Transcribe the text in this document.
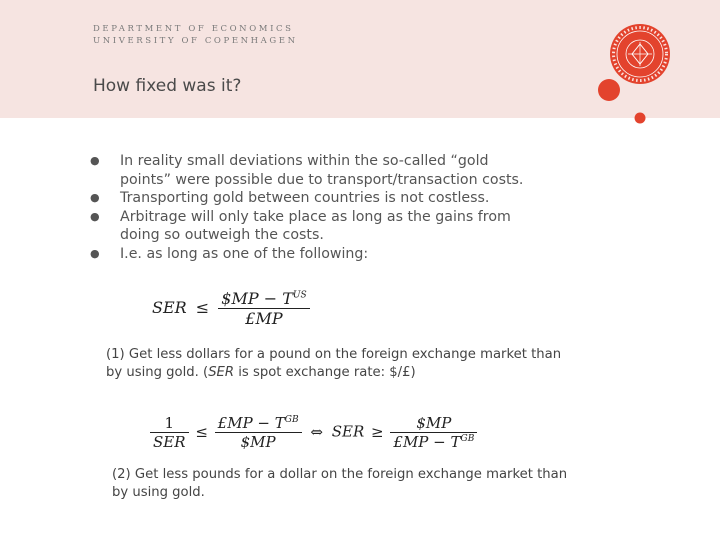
DEPARTMENT OF ECONOMICS
UNIVERSITY OF COPENHAGEN
How fixed was it?
● In reality small deviations within the so-called “gold
points” were possible due to transport/transaction costs.
● Transporting gold between countries is not costless.
● Arbitrage will only take place as long as the gains from
doing so outweigh the costs.
● I.e. as long as one of the following:
SER ≤ $\frac{\$MP - T^{US}}{£MP}$
(1) Get less dollars for a pound on the foreign exchange market than
by using gold. (SER is spot exchange rate: $/£)
$\frac{1}{\text{SER}} \le \frac{£MP - T^{GB}}{\$MP}$ ⇔ SER ≥ $\frac{\$MP}{£MP - T^{GB}}$
(2) Get less pounds for a dollar on the foreign exchange market than
by using gold.
